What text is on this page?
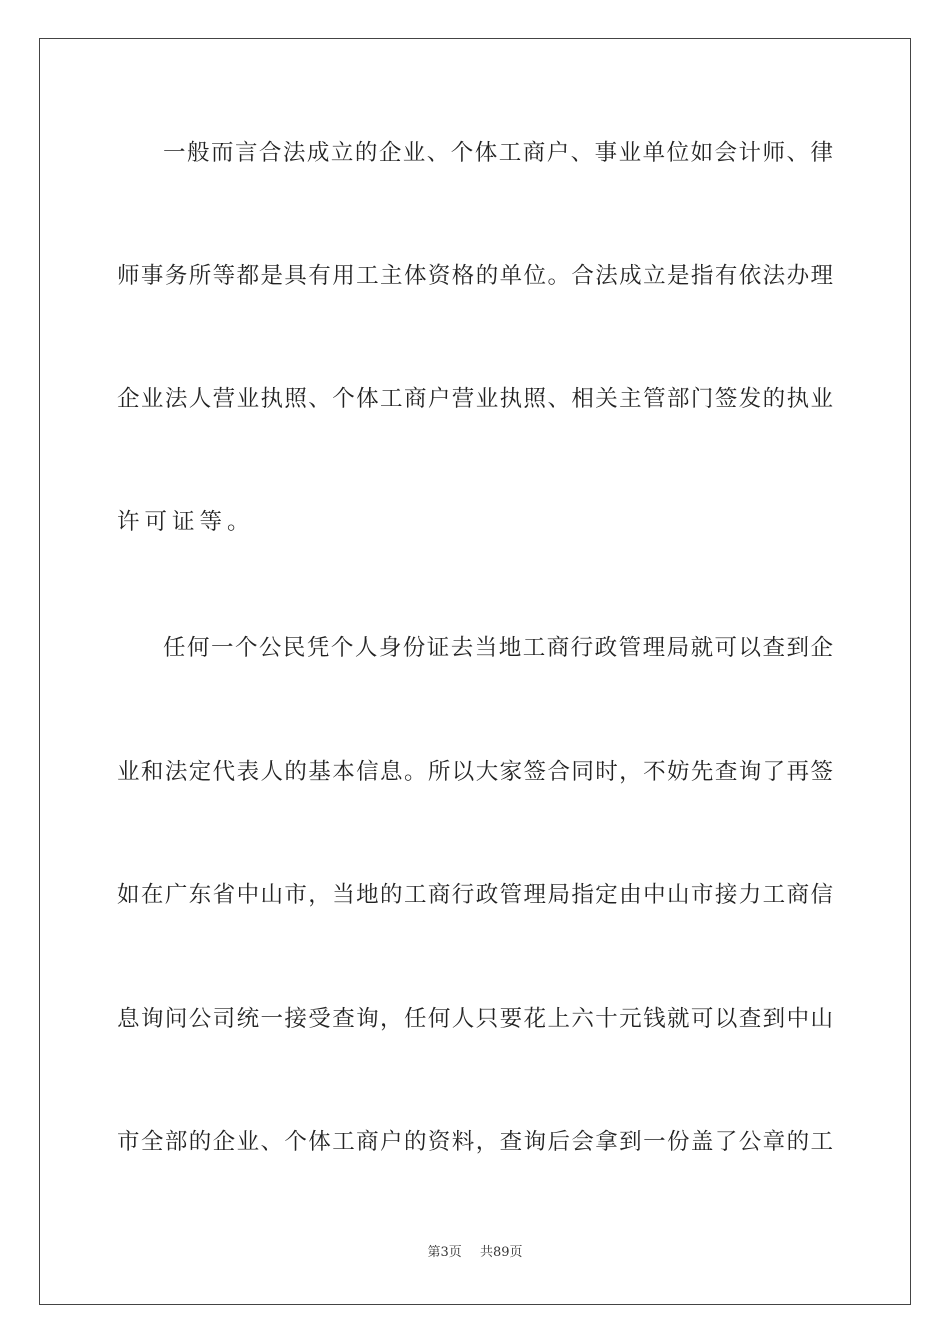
一般而言合法成立的企业、个体工商户、事业单位如会计师、律
师事务所等都是具有用工主体资格的单位。合法成立是指有依法办理
企业法人营业执照、个体工商户营业执照、相关主管部门签发的执业
许可证等。
任何一个公民凭个人身份证去当地工商行政管理局就可以查到企
业和法定代表人的基本信息。所以大家签合同时，不妨先查询了再签
如在广东省中山市，当地的工商行政管理局指定由中山市接力工商信
息询问公司统一接受查询，任何人只要花上六十元钱就可以查到中山
市全部的企业、个体工商户的资料，查询后会拿到一份盖了公章的工
第3页 共89页
